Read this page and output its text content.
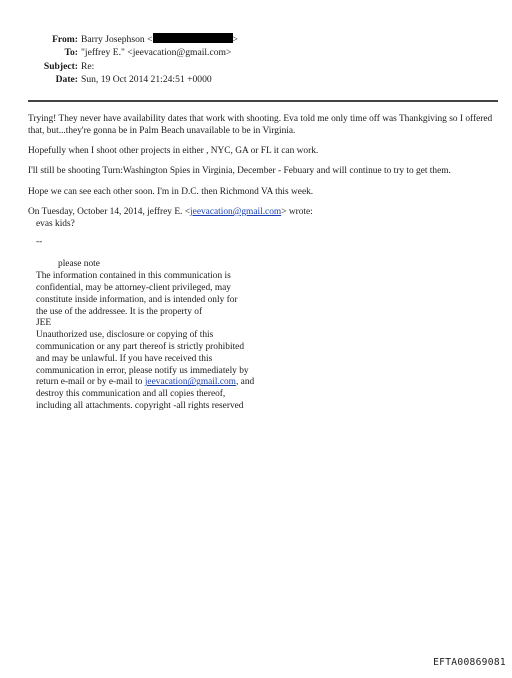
From: Barry Josephson <	>
To: "jeffrey E." <jeevacation@gmail.com>
Subject: Re:
Date: Sun, 19 Oct 2014 21:24:51 +0000

Trying! They never have availability dates that work with shooting. Eva told me only time off was Thankgiving so I offered that, but...they're gonna be in Palm Beach unavailable to be in Virginia.

Hopefully when I shoot other projects in either , NYC, GA or FL it can work.

I'll still be shooting Turn:Washington Spies in Virginia, December - Febuary and will continue to try to get them.

Hope we can see each other soon. I'm in D.C. then Richmond VA this week.

On Tuesday, October 14, 2014, jeffrey E. <jeevacation@gmail.com> wrote:

evas kids?

--

please note

The information contained in this communication is

confidential, may be attorney-client privileged, may

constitute inside information, and is intended only for

the use of the addressee. It is the property of

JEE

Unauthorized use, disclosure or copying of this

communication or any part thereof is strictly prohibited

and may be unlawful. If you have received this

communication in error, please notify us immediately by

return e-mail or by e-mail to jeevacation@gmail.com, and

destroy this communication and all copies thereof,

including all attachments. copyright -all rights reserved

EFTA00869081
